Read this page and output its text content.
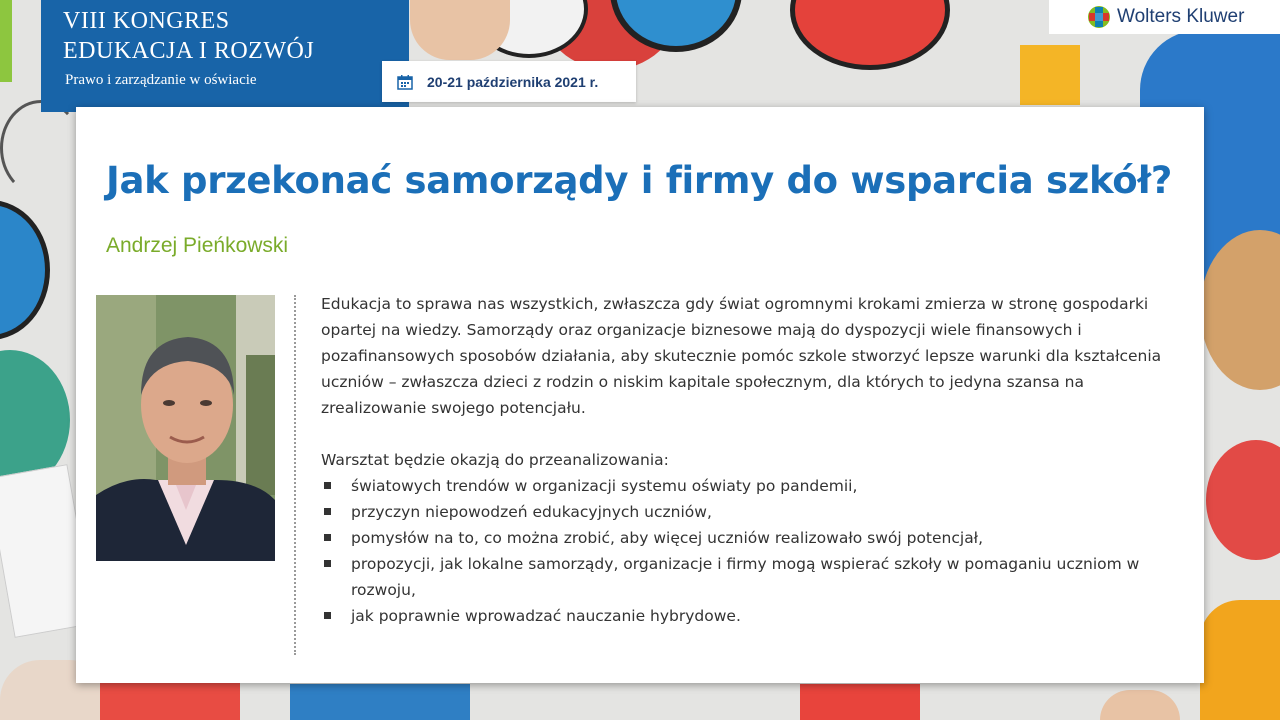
VIII KONGRES
EDUKACJA I ROZWÓJ
Prawo i zarządzanie w oświacie	20-21 października 2021 r.
Wolters Kluwer
Jak przekonać samorządy i firmy do wsparcia szkół?
Andrzej Pieńkowski

Edukacja to sprawa nas wszystkich, zwłaszcza gdy świat ogromnymi krokami zmierza w stronę gospodarki opartej na wiedzy. Samorządy oraz organizacje biznesowe mają do dyspozycji wiele finansowych i pozafinansowych sposobów działania, aby skutecznie pomóc szkole stworzyć lepsze warunki dla kształcenia uczniów – zwłaszcza dzieci z rodzin o niskim kapitale społecznym, dla których to jedyna szansa na zrealizowanie swojego potencjału.

Warsztat będzie okazją do przeanalizowania:

światowych trendów w organizacji systemu oświaty po pandemii,
przyczyn niepowodzeń edukacyjnych uczniów,
pomysłów na to, co można zrobić, aby więcej uczniów realizowało swój potencjał,
propozycji, jak lokalne samorządy, organizacje i firmy mogą wspierać szkoły w pomaganiu uczniom w rozwoju,
jak poprawnie wprowadzać nauczanie hybrydowe.
